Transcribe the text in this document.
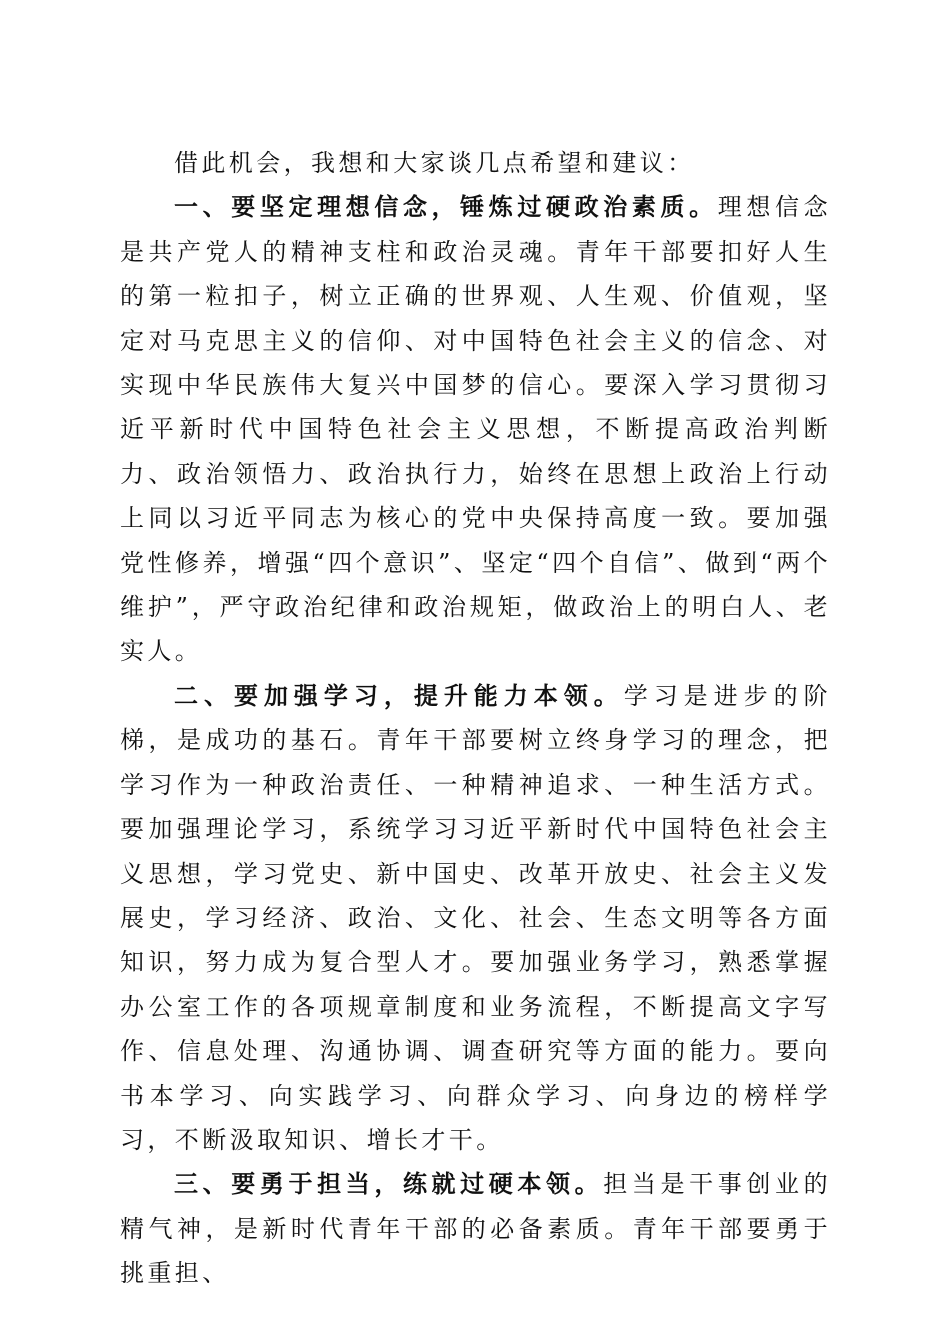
借此机会，我想和大家谈几点希望和建议：

一、要坚定理想信念，锤炼过硬政治素质。理想信念是共产党人的精神支柱和政治灵魂。青年干部要扣好人生的第一粒扣子，树立正确的世界观、人生观、价值观，坚定对马克思主义的信仰、对中国特色社会主义的信念、对实现中华民族伟大复兴中国梦的信心。要深入学习贯彻习近平新时代中国特色社会主义思想，不断提高政治判断力、政治领悟力、政治执行力，始终在思想上政治上行动上同以习近平同志为核心的党中央保持高度一致。要加强党性修养，增强“四个意识”、坚定“四个自信”、做到“两个维护”，严守政治纪律和政治规矩，做政治上的明白人、老实人。

二、要加强学习，提升能力本领。学习是进步的阶梯，是成功的基石。青年干部要树立终身学习的理念，把学习作为一种政治责任、一种精神追求、一种生活方式。要加强理论学习，系统学习习近平新时代中国特色社会主义思想，学习党史、新中国史、改革开放史、社会主义发展史，学习经济、政治、文化、社会、生态文明等各方面知识，努力成为复合型人才。要加强业务学习，熟悉掌握办公室工作的各项规章制度和业务流程，不断提高文字写作、信息处理、沟通协调、调查研究等方面的能力。要向书本学习、向实践学习、向群众学习、向身边的榜样学习，不断汲取知识、增长才干。

三、要勇于担当，练就过硬本领。担当是干事创业的精气神，是新时代青年干部的必备素质。青年干部要勇于挑重担、
